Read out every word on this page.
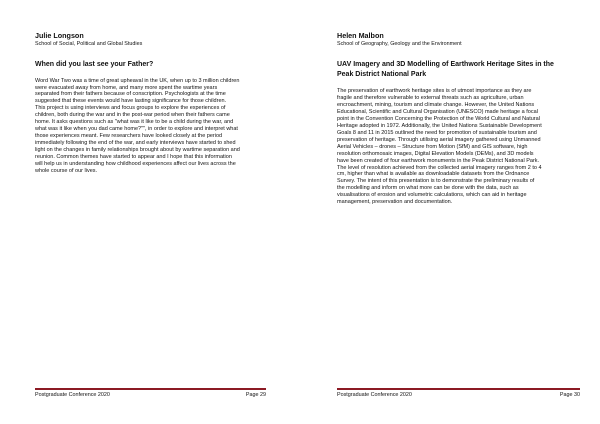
Julie Longson
School of Social, Political and Global Studies
When did you last see your Father?
Word War Two was a time of great upheaval in the UK, when up to 3 million children
were evacuated away from home, and many more spent the wartime years
separated from their fathers because of conscription. Psychologists at the time
suggested that these events would have lasting significance for those children.
This project is using interviews and focus groups to explore the experiences of
children, both during the war and in the post-war period when their fathers came
home. It asks questions such as "what was it like to be a child during the war, and
what was it like when you dad came home?"", in order to explore and interpret what
those experiences meant. Few researchers have looked closely at the period
immediately following the end of the war, and early interviews have started to shed
light on the changes in family relationships brought about by wartime separation and
reunion. Common themes have started to appear and I hope that this information
will help us in understanding how childhood experiences affect our lives across the
whole course of our lives.
Postgraduate Conference 2020	Page 29
Helen Malbon
School of Geography, Geology and the Environment
UAV Imagery and 3D Modelling of Earthwork Heritage Sites in the
Peak District National Park
The preservation of earthwork heritage sites is of utmost importance as they are
fragile and therefore vulnerable to external threats such as agriculture, urban
encroachment, mining, tourism and climate change. However, the United Nations
Educational, Scientific and Cultural Organisation (UNESCO) made heritage a focal
point in the Convention Concerning the Protection of the World Cultural and Natural
Heritage adopted in 1972. Additionally, the United Nations Sustainable Development
Goals 8 and 11 in 2015 outlined the need for promotion of sustainable tourism and
preservation of heritage. Through utilising aerial imagery gathered using Unmanned
Aerial Vehicles – drones – Structure from Motion (SfM) and GIS software, high
resolution orthomosaic images, Digital Elevation Models (DEMs), and 3D models
have been created of four earthwork monuments in the Peak District National Park.
The level of resolution achieved from the collected aerial imagery ranges from 2 to 4
cm, higher than what is available as downloadable datasets from the Ordnance
Survey. The intent of this presentation is to demonstrate the preliminary results of
the modelling and inform on what more can be done with the data, such as
visualisations of erosion and volumetric calculations, which can aid in heritage
management, preservation and documentation.
Postgraduate Conference 2020	Page 30
